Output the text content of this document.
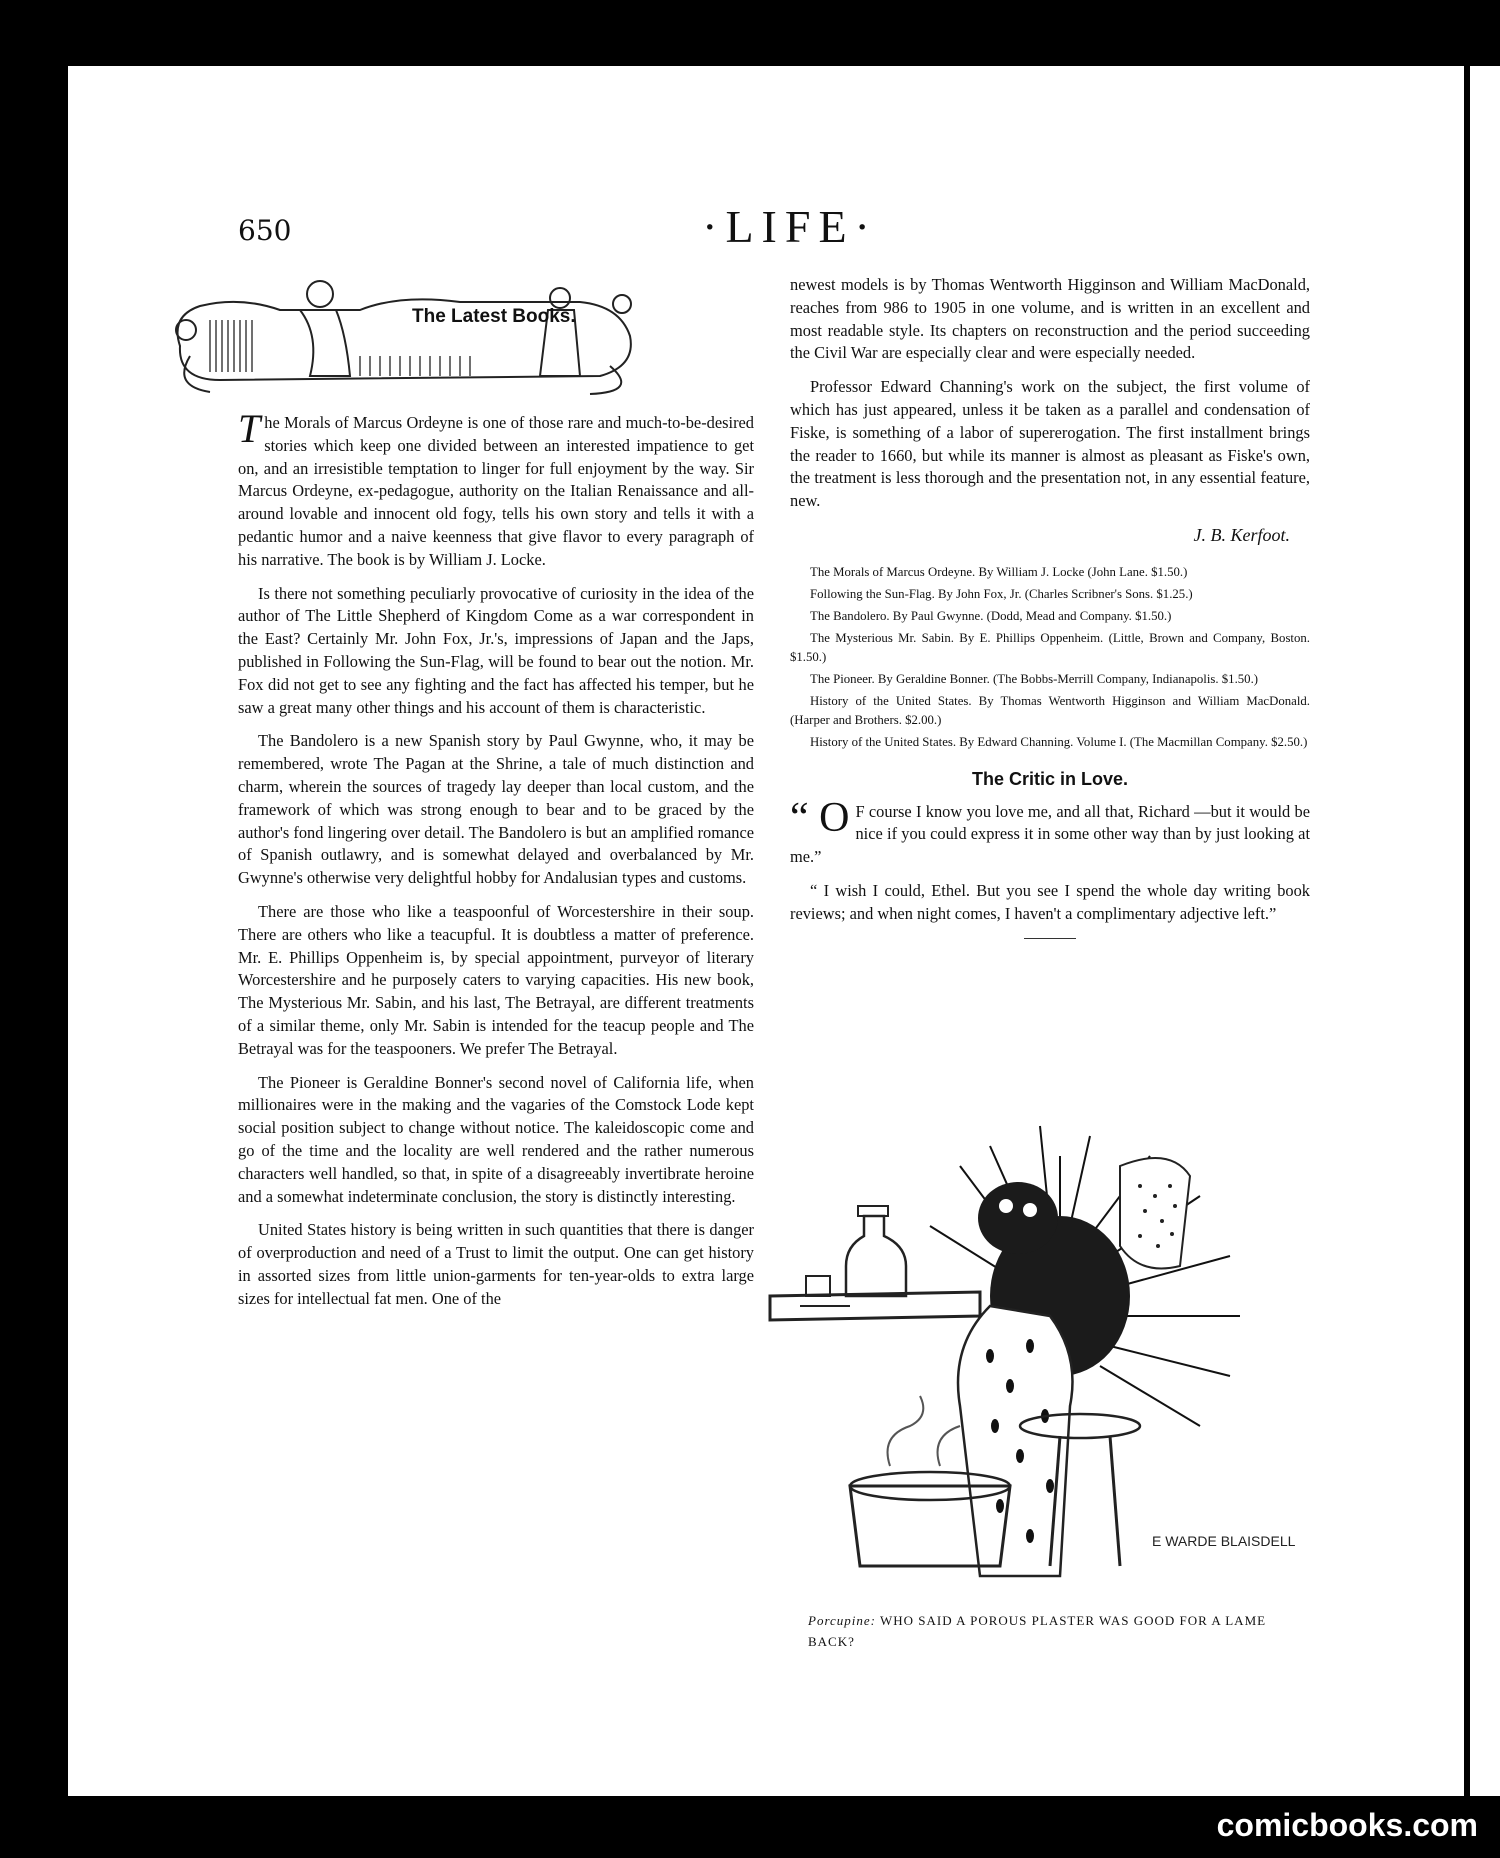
650	·LIFE·
The Latest Books.

The Morals of Marcus Ordeyne is one of those rare and much-to-be-desired stories which keep one divided between an interested impatience to get on, and an irresistible temptation to linger for full enjoyment by the way. Sir Marcus Ordeyne, ex-pedagogue, authority on the Italian Renaissance and all-around lovable and innocent old fogy, tells his own story and tells it with a pedantic humor and a naive keenness that give flavor to every paragraph of his narrative. The book is by William J. Locke.

Is there not something peculiarly provocative of curiosity in the idea of the author of The Little Shepherd of Kingdom Come as a war correspondent in the East? Certainly Mr. John Fox, Jr.'s, impressions of Japan and the Japs, published in Following the Sun-Flag, will be found to bear out the notion. Mr. Fox did not get to see any fighting and the fact has affected his temper, but he saw a great many other things and his account of them is characteristic.

The Bandolero is a new Spanish story by Paul Gwynne, who, it may be remembered, wrote The Pagan at the Shrine, a tale of much distinction and charm, wherein the sources of tragedy lay deeper than local custom, and the framework of which was strong enough to bear and to be graced by the author's fond lingering over detail. The Bandolero is but an amplified romance of Spanish outlawry, and is somewhat delayed and overbalanced by Mr. Gwynne's otherwise very delightful hobby for Andalusian types and customs.

There are those who like a teaspoonful of Worcestershire in their soup. There are others who like a teacupful. It is doubtless a matter of preference. Mr. E. Phillips Oppenheim is, by special appointment, purveyor of literary Worcestershire and he purposely caters to varying capacities. His new book, The Mysterious Mr. Sabin, and his last, The Betrayal, are different treatments of a similar theme, only Mr. Sabin is intended for the teacup people and The Betrayal was for the teaspooners. We prefer The Betrayal.

The Pioneer is Geraldine Bonner's second novel of California life, when millionaires were in the making and the vagaries of the Comstock Lode kept social position subject to change without notice. The kaleidoscopic come and go of the time and the locality are well rendered and the rather numerous characters well handled, so that, in spite of a disagreeably invertibrate heroine and a somewhat indeterminate conclusion, the story is distinctly interesting.

United States history is being written in such quantities that there is danger of overproduction and need of a Trust to limit the output. One can get history in assorted sizes from little union-garments for ten-year-olds to extra large sizes for intellectual fat men. One of the

newest models is by Thomas Wentworth Higginson and William MacDonald, reaches from 986 to 1905 in one volume, and is written in an excellent and most readable style. Its chapters on reconstruction and the period succeeding the Civil War are especially clear and were especially needed.

Professor Edward Channing's work on the subject, the first volume of which has just appeared, unless it be taken as a parallel and condensation of Fiske, is something of a labor of supererogation. The first installment brings the reader to 1660, but while its manner is almost as pleasant as Fiske's own, the treatment is less thorough and the presentation not, in any essential feature, new.

J. B. Kerfoot.

The Morals of Marcus Ordeyne. By William J. Locke (John Lane. $1.50.)

Following the Sun-Flag. By John Fox, Jr. (Charles Scribner's Sons. $1.25.)

The Bandolero. By Paul Gwynne. (Dodd, Mead and Company. $1.50.)

The Mysterious Mr. Sabin. By E. Phillips Oppenheim. (Little, Brown and Company, Boston. $1.50.)

The Pioneer. By Geraldine Bonner. (The Bobbs-Merrill Company, Indianapolis. $1.50.)

History of the United States. By Thomas Wentworth Higginson and William MacDonald. (Harper and Brothers. $2.00.)

History of the United States. By Edward Channing. Volume I. (The Macmillan Company. $2.50.)

The Critic in Love.

“ O F course I know you love me, and all that, Richard —but it would be nice if you could express it in some other way than by just looking at me.”

“ I wish I could, Ethel. But you see I spend the whole day writing book reviews; and when night comes, I haven't a complimentary adjective left.”

E WARDE BLAISDELL
Porcupine: WHO SAID A POROUS PLASTER WAS GOOD FOR A LAME BACK?
comicbooks.com
